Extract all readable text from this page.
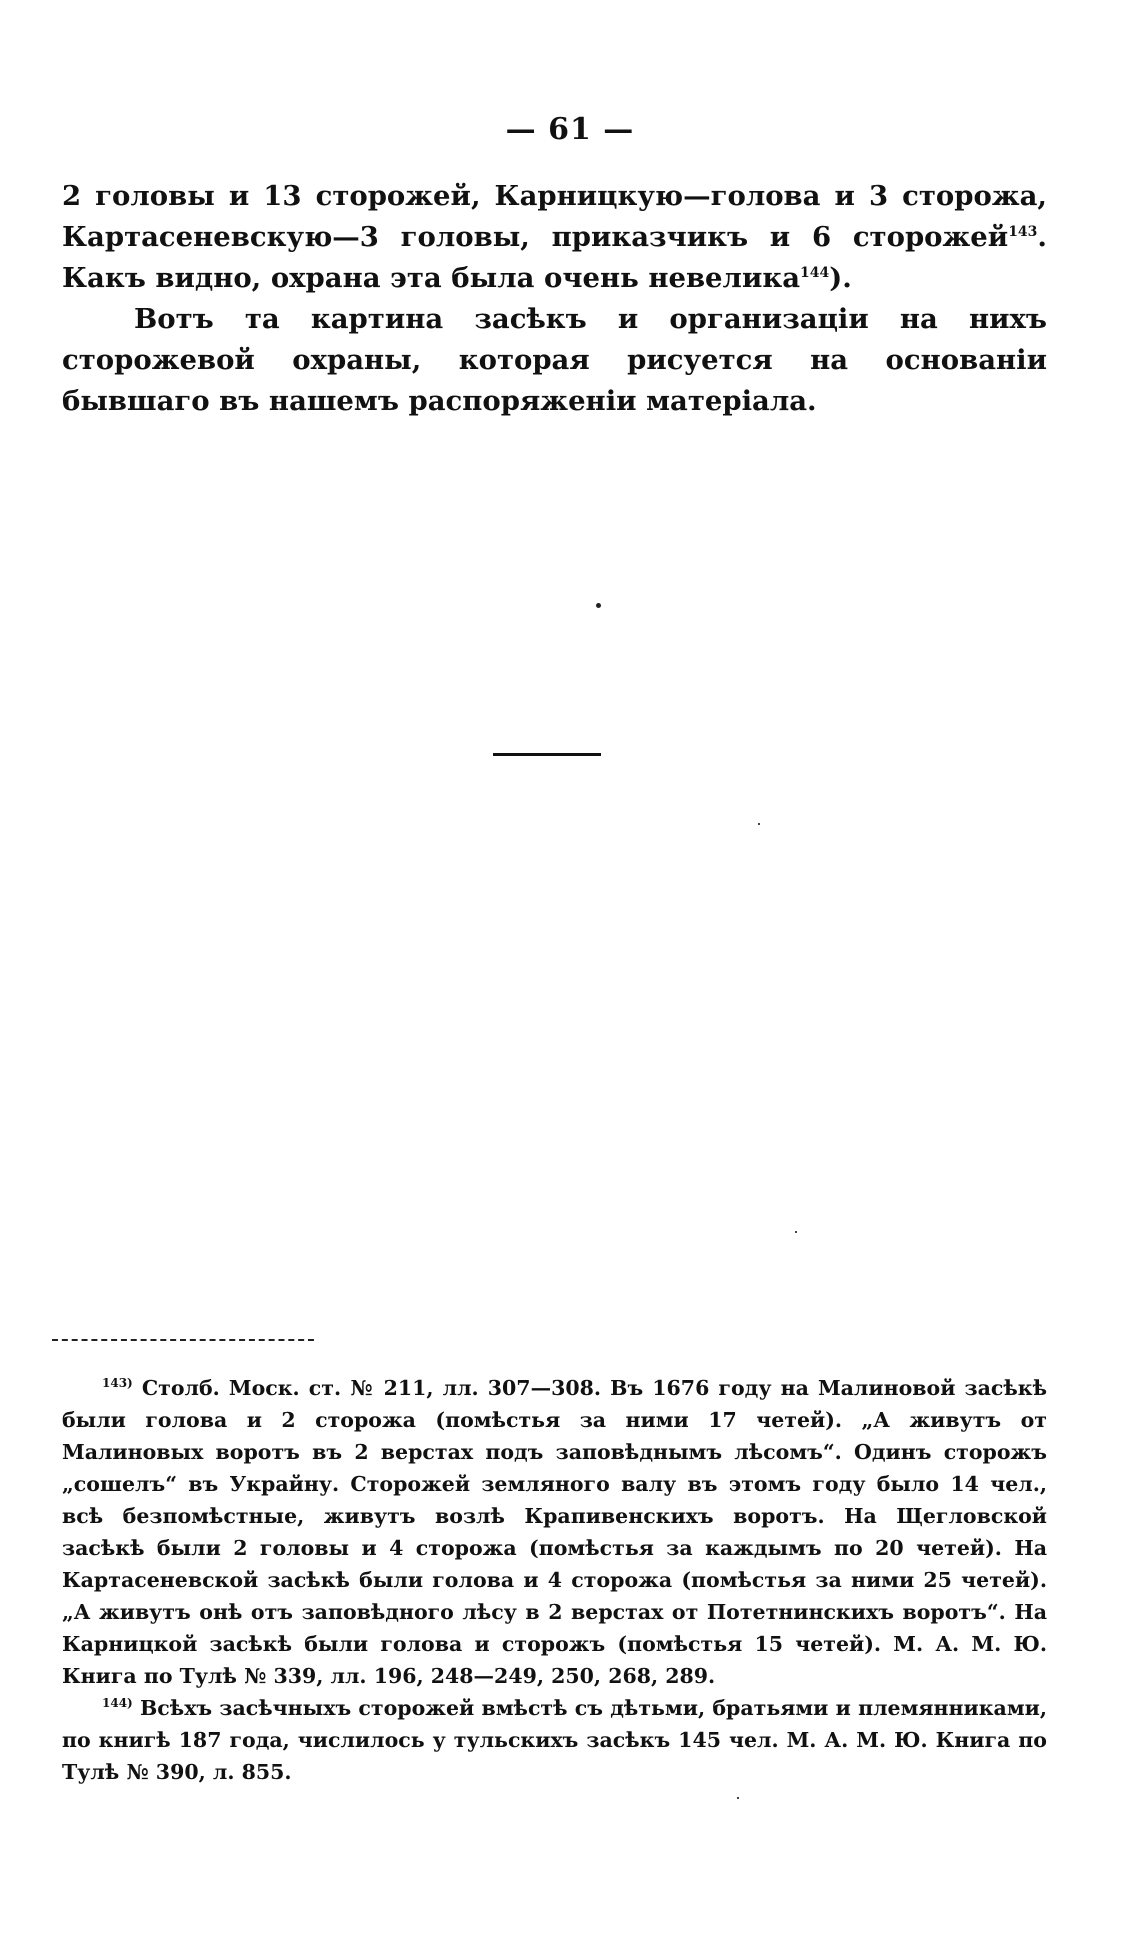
— 61 —

2 головы и 13 сторожей, Карницкую—голова и 3 сторожа, Картасеневскую—3 головы, приказчикъ и 6 сторожей$^{143}$. Какъ видно, охрана эта была очень невелика$^{144}$).

Вотъ та картина засѣкъ и организаціи на нихъ сторожевой охраны, которая рисуется на основаніи бывшаго въ нашемъ распоряженіи матеріала.

$^{143)}$ Столб. Моск. ст. № 211, лл. 307—308. Въ 1676 году на Малиновой засѣкѣ были голова и 2 сторожа (помѣстья за ними 17 четей). „А живутъ от Малиновых воротъ въ 2 верстах подъ заповѣднымъ лѣсомъ“. Одинъ сторожъ „сошелъ“ въ Украйну. Сторожей земляного валу въ этомъ году было 14 чел., всѣ безпомѣстные, живутъ возлѣ Крапивенскихъ воротъ. На Щегловской засѣкѣ были 2 головы и 4 сторожа (помѣстья за каждымъ по 20 четей). На Картасеневской засѣкѣ были голова и 4 сторожа (помѣстья за ними 25 четей). „А живутъ онѣ отъ заповѣдного лѣсу в 2 верстах от Потетнинскихъ воротъ“. На Карницкой засѣкѣ были голова и сторожъ (помѣстья 15 четей). М. А. М. Ю. Книга по Тулѣ № 339, лл. 196, 248—249, 250, 268, 289.

$^{144)}$ Всѣхъ засѣчныхъ сторожей вмѣстѣ съ дѣтьми, братьями и племянниками, по книгѣ 187 года, числилось у тульскихъ засѣкъ 145 чел. М. А. М. Ю. Книга по Тулѣ № 390, л. 855.
